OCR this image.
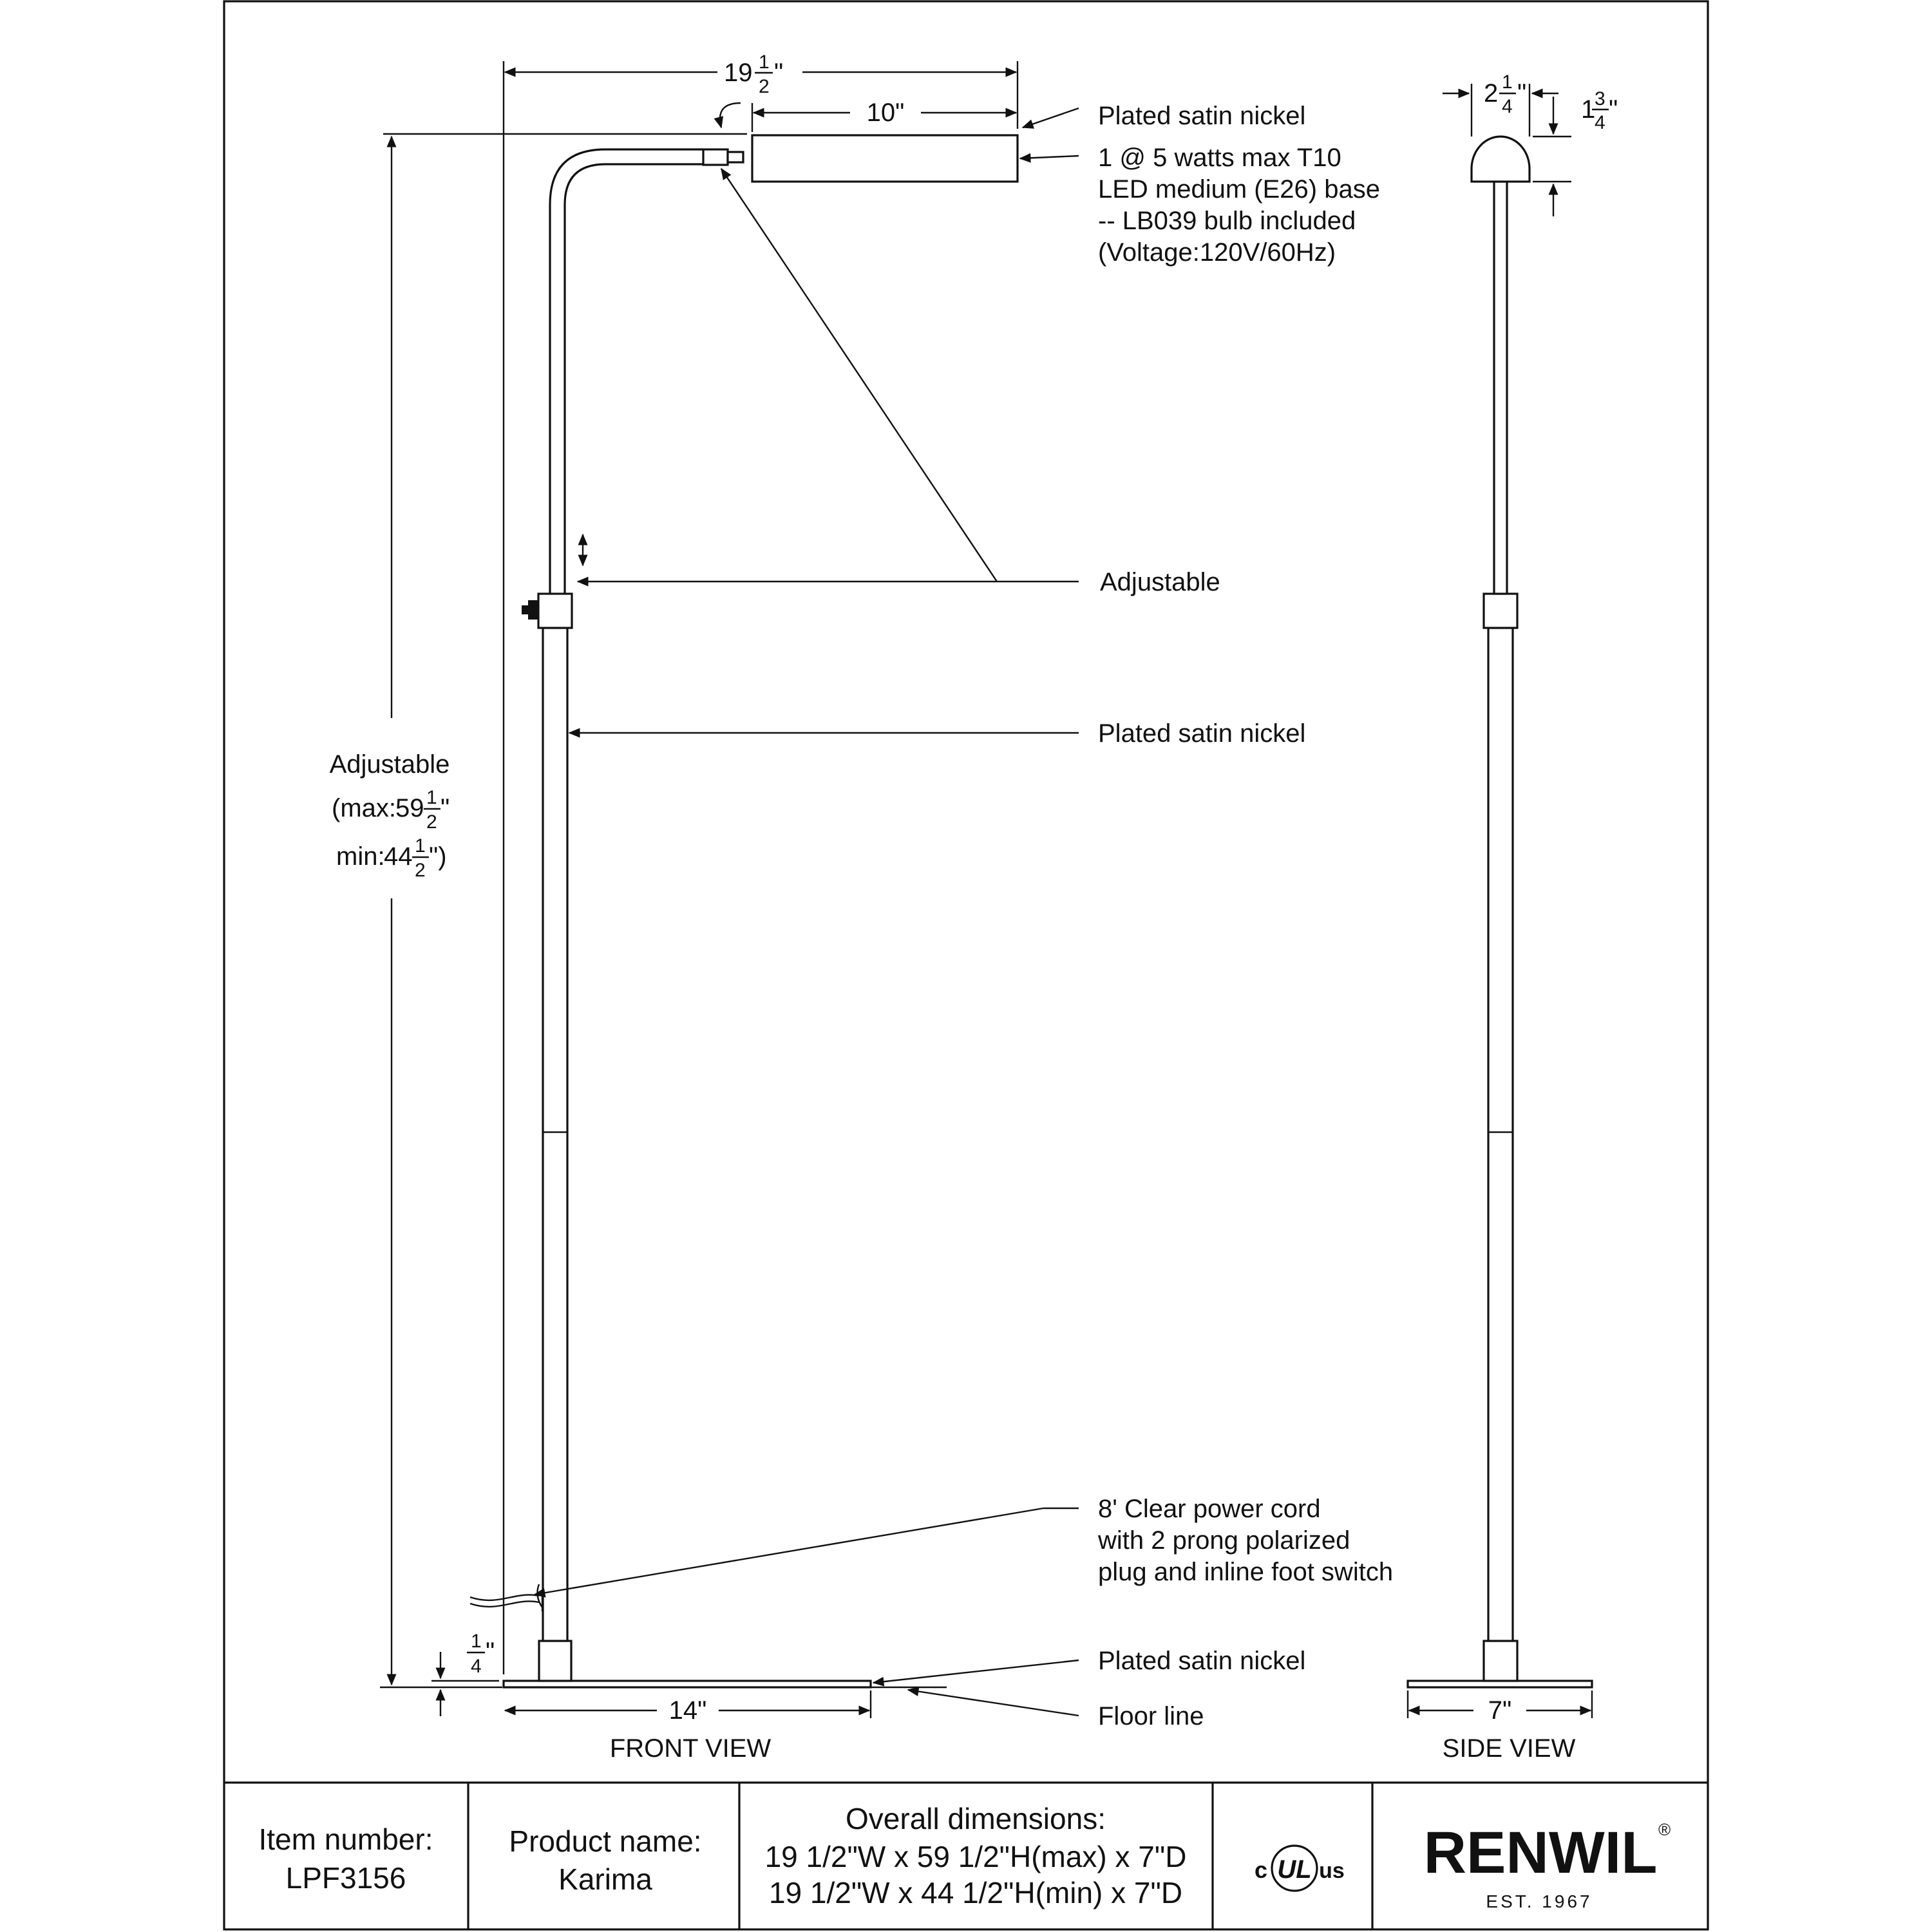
19 1
2 "
10"
Adjustable
(max: 59 1
2 "
min:
44 1
2 ")
1
4
"
14"
FRONT VIEW
Plated satin nickel
1 @ 5 watts max T10
LED medium (E26) base
-- LB039 bulb included
(Voltage:120V/60Hz)
Adjustable
Plated satin nickel
8' Clear power cord
with 2 prong polarized
plug and inline foot switch
Plated satin nickel
Floor line
2 1
4 "
1
3
4 "
7"
SIDE VIEW
Item number:
LPF3156
Product name:
Karima
Overall dimensions:
19 1/2"W x 59 1/2"H(max) x 7"D
19 1/2"W x 44 1/2"H(min) x 7"D
c UL us RENWIL ®
EST. 1967
